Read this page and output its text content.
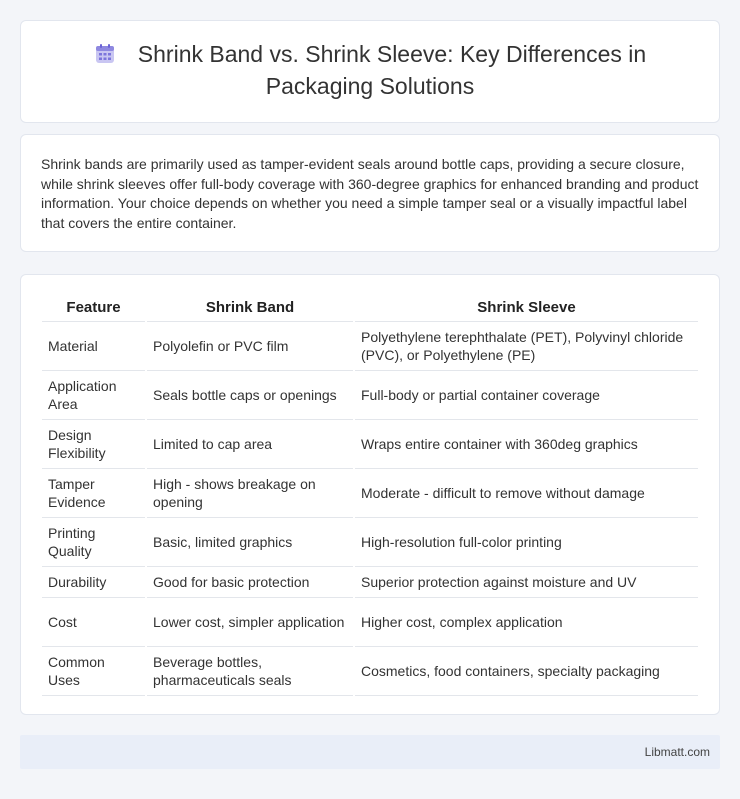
Shrink Band vs. Shrink Sleeve: Key Differences in Packaging Solutions

Shrink bands are primarily used as tamper-evident seals around bottle caps, providing a secure closure, while shrink sleeves offer full-body coverage with 360-degree graphics for enhanced branding and product information. Your choice depends on whether you need a simple tamper seal or a visually impactful label that covers the entire container.

Feature	Shrink Band	Shrink Sleeve
Material	Polyolefin or PVC film	Polyethylene terephthalate (PET), Polyvinyl chloride (PVC), or Polyethylene (PE)
Application Area	Seals bottle caps or openings	Full-body or partial container coverage
Design Flexibility	Limited to cap area	Wraps entire container with 360deg graphics
Tamper Evidence	High - shows breakage on opening	Moderate - difficult to remove without damage
Printing Quality	Basic, limited graphics	High-resolution full-color printing
Durability	Good for basic protection	Superior protection against moisture and UV
Cost	Lower cost, simpler application	Higher cost, complex application
Common Uses	Beverage bottles, pharmaceuticals seals	Cosmetics, food containers, specialty packaging
Libmatt.com
